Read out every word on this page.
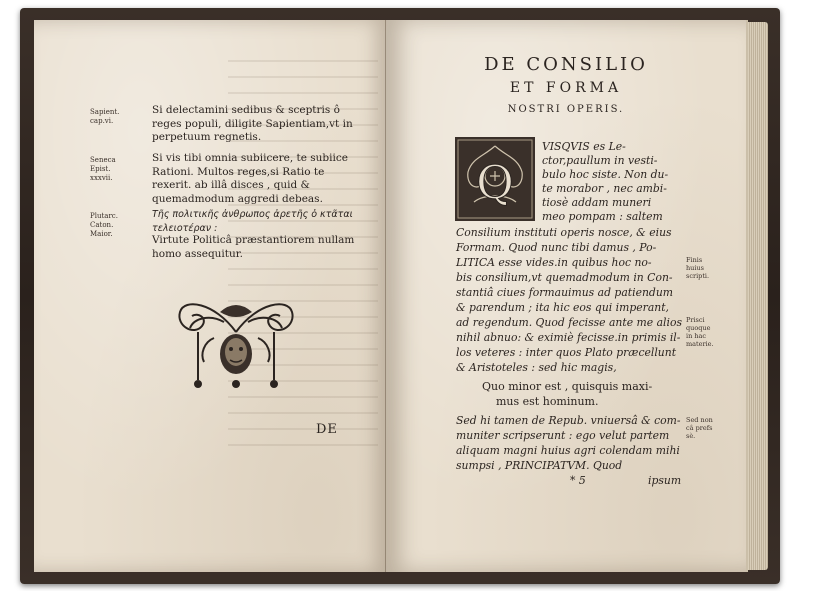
Sapient.
cap.vi.
Si delectamini sedibus & sceptris ô reges populi, diligite Sapientiam,vt in perpetuum regnetis.
Seneca
Epist.
xxxvii.
Si vis tibi omnia subiicere, te subiice Rationi. Multos reges,si Ratio te rexerit. ab illâ disces , quid & quemadmodum aggredi debeas.
Plutarc.
Caton.
Maior.
Τῆς πολιτικῆς ἀνθρωπος ἀρετῆς ὁ κτᾶται τελειοτέραν :
Virtute Politicâ præstantiorem nullam homo assequitur.
DE
DE CONSILIO
ET FORMA
NOSTRI OPERIS.
Q
VISQVIS es Le-
ctor,paullum in vesti-
bulo hoc siste. Non du-
te morabor , nec ambi-
tiosè addam muneri
meo pompam : saltem
Consilium instituti operis nosce, & eius
Formam. Quod nunc tibi damus , Po-
LITICA esse vides.in quibus hoc no-
bis consilium,vt quemadmodum in Con-
stantiâ ciues formauimus ad patiendum
& parendum ; ita hic eos qui imperant,
ad regendum. Quod fecisse ante me alios
nihil abnuo: & eximiè fecisse.in primis il-
los veteres : inter quos Plato præcellunt
& Aristoteles : sed hic magis,
Quo minor est , quisquis maxi-
mus est hominum.
Sed hi tamen de Repub. vniuersâ & com-
muniter scripserunt : ego velut partem
aliquam magni huius agri colendam mihi
sumpsi , PRINCIPATVM. Quod
* 5	ipsum
Finis
huius
scripti.
Prisci
quoque
in hac
materie.
Sed non
câ prefs
sè.
